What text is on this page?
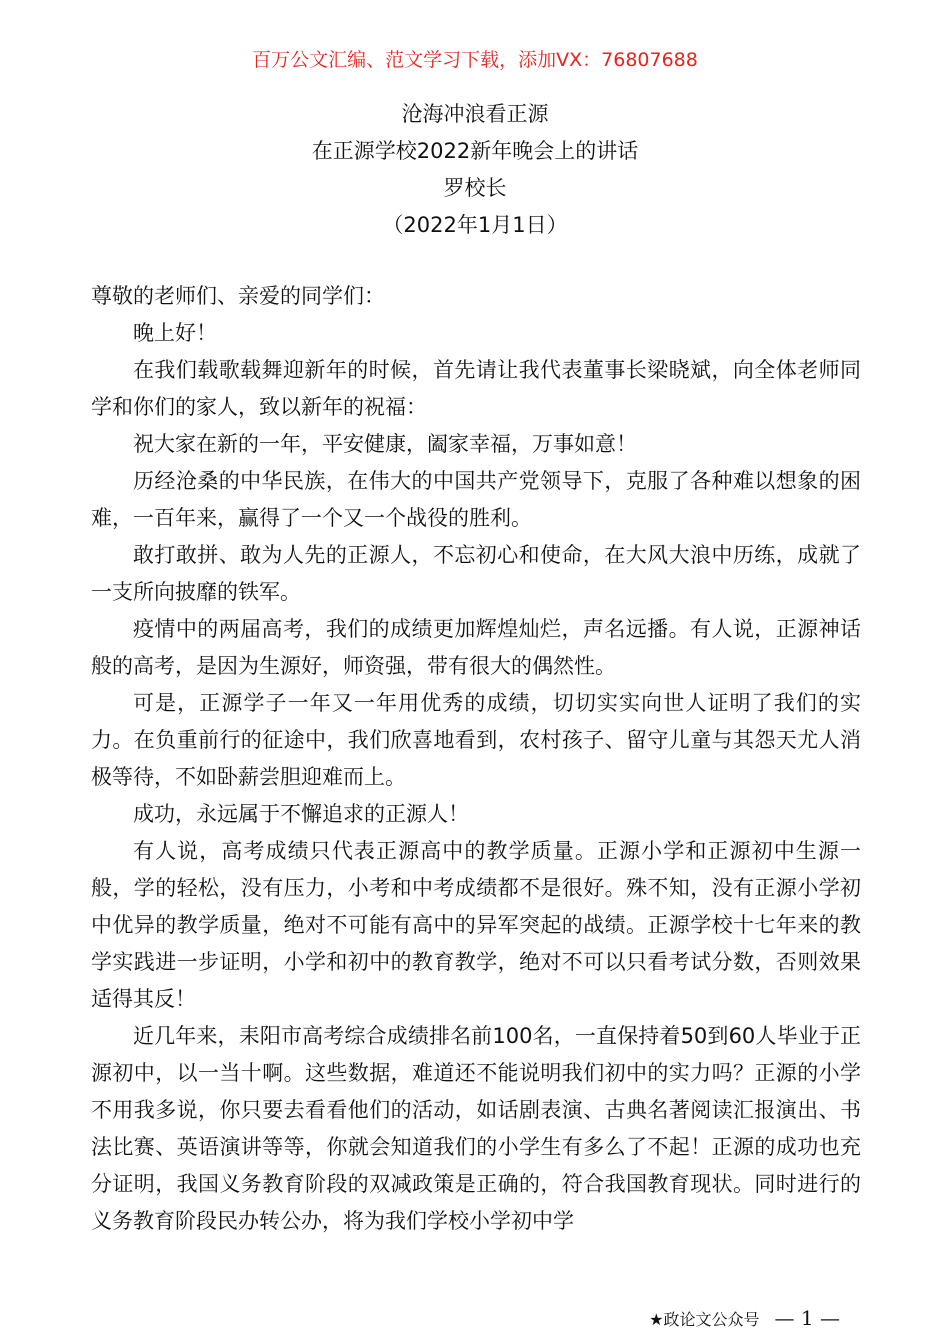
百万公文汇编、范文学习下载，添加VX：76807688
沧海冲浪看正源
在正源学校2022新年晚会上的讲话
罗校长
（2022年1月1日）

尊敬的老师们、亲爱的同学们：

晚上好！

在我们载歌载舞迎新年的时候，首先请让我代表董事长梁晓斌，向全体老师同学和你们的家人，致以新年的祝福：

祝大家在新的一年，平安健康，阖家幸福，万事如意！

历经沧桑的中华民族，在伟大的中国共产党领导下，克服了各种难以想象的困难，一百年来，赢得了一个又一个战役的胜利。

敢打敢拼、敢为人先的正源人，不忘初心和使命，在大风大浪中历练，成就了一支所向披靡的铁军。

疫情中的两届高考，我们的成绩更加辉煌灿烂，声名远播。有人说，正源神话般的高考，是因为生源好，师资强，带有很大的偶然性。

可是，正源学子一年又一年用优秀的成绩，切切实实向世人证明了我们的实力。在负重前行的征途中，我们欣喜地看到，农村孩子、留守儿童与其怨天尤人消极等待，不如卧薪尝胆迎难而上。

成功，永远属于不懈追求的正源人！

有人说，高考成绩只代表正源高中的教学质量。正源小学和正源初中生源一般，学的轻松，没有压力，小考和中考成绩都不是很好。殊不知，没有正源小学初中优异的教学质量，绝对不可能有高中的异军突起的战绩。正源学校十七年来的教学实践进一步证明，小学和初中的教育教学，绝对不可以只看考试分数，否则效果适得其反！

近几年来，耒阳市高考综合成绩排名前100名，一直保持着50到60人毕业于正源初中，以一当十啊。这些数据，难道还不能说明我们初中的实力吗？正源的小学不用我多说，你只要去看看他们的活动，如话剧表演、古典名著阅读汇报演出、书法比赛、英语演讲等等，你就会知道我们的小学生有多么了不起！正源的成功也充分证明，我国义务教育阶段的双减政策是正确的，符合我国教育现状。同时进行的义务教育阶段民办转公办，将为我们学校小学初中学

★政论文公众号 — 1 —
